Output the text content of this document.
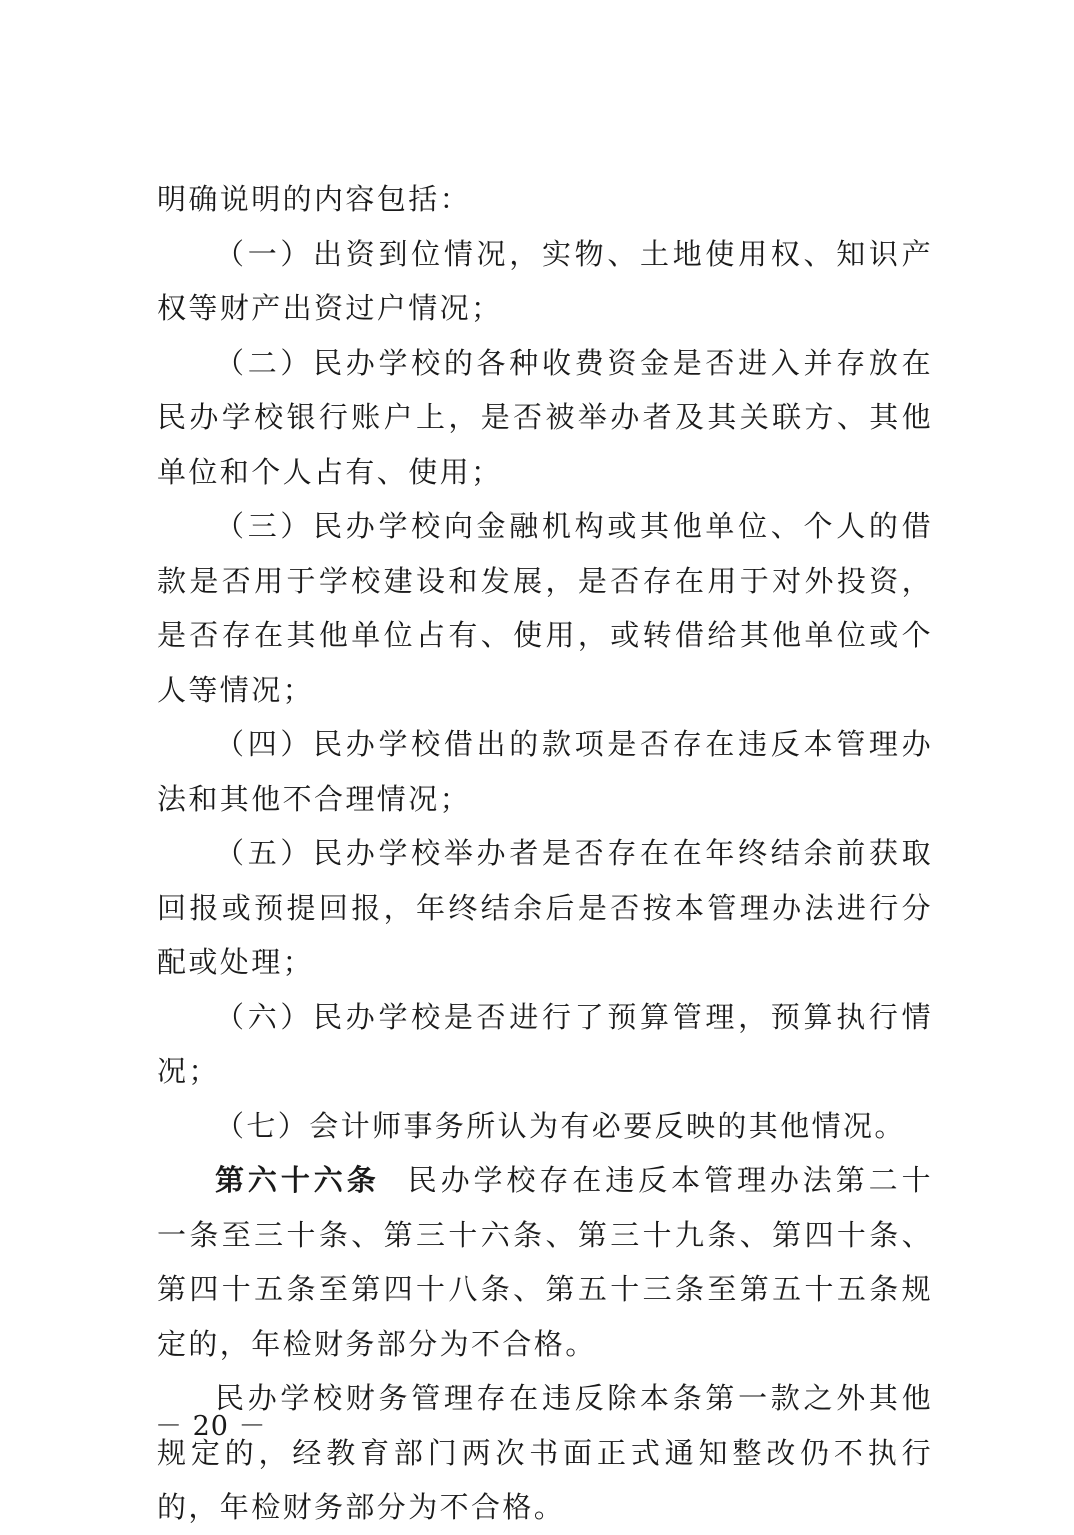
明确说明的内容包括：

（一）出资到位情况，实物、土地使用权、知识产权等财产出资过户情况；

（二）民办学校的各种收费资金是否进入并存放在民办学校银行账户上，是否被举办者及其关联方、其他单位和个人占有、使用；

（三）民办学校向金融机构或其他单位、个人的借款是否用于学校建设和发展，是否存在用于对外投资，是否存在其他单位占有、使用，或转借给其他单位或个人等情况；

（四）民办学校借出的款项是否存在违反本管理办法和其他不合理情况；

（五）民办学校举办者是否存在在年终结余前获取回报或预提回报，年终结余后是否按本管理办法进行分配或处理；

（六）民办学校是否进行了预算管理，预算执行情况；

（七）会计师事务所认为有必要反映的其他情况。

第六十六条 民办学校存在违反本管理办法第二十一条至三十条、第三十六条、第三十九条、第四十条、第四十五条至第四十八条、第五十三条至第五十五条规定的，年检财务部分为不合格。

民办学校财务管理存在违反除本条第一款之外其他规定的，经教育部门两次书面正式通知整改仍不执行的，年检财务部分为不合格。

－ 20 －
